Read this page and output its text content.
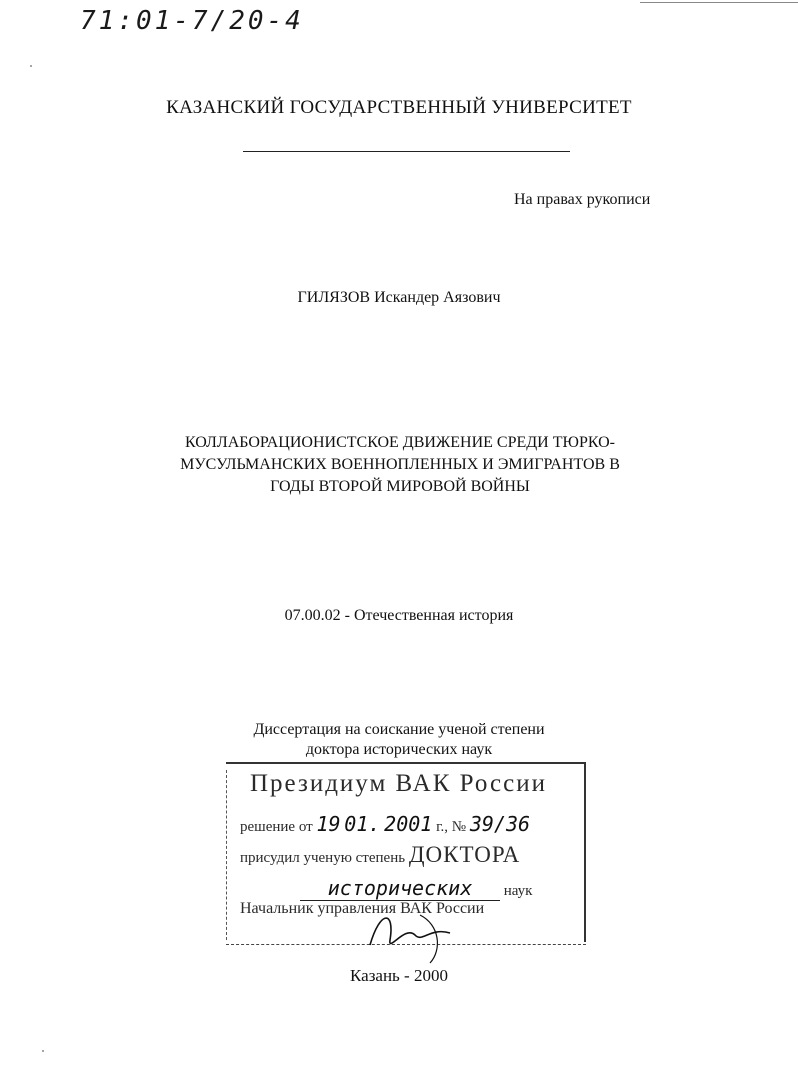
71:01-7/20-4
КАЗАНСКИЙ ГОСУДАРСТВЕННЫЙ УНИВЕРСИТЕТ
На правах рукописи
ГИЛЯЗОВ Искандер Аязович
КОЛЛАБОРАЦИОНИСТСКОЕ ДВИЖЕНИЕ СРЕДИ ТЮРКО-
МУСУЛЬМАНСКИХ ВОЕННОПЛЕННЫХ И ЭМИГРАНТОВ В
ГОДЫ ВТОРОЙ МИРОВОЙ ВОЙНЫ
07.00.02 - Отечественная история
Диссертация на соискание ученой степени
доктора исторических наук
Президиум ВАК России
решение от 19 01. 2001 г., № 39/36
присудил ученую степень ДОКТОРА
исторических наук
Начальник управления ВАК России
Казань - 2000
